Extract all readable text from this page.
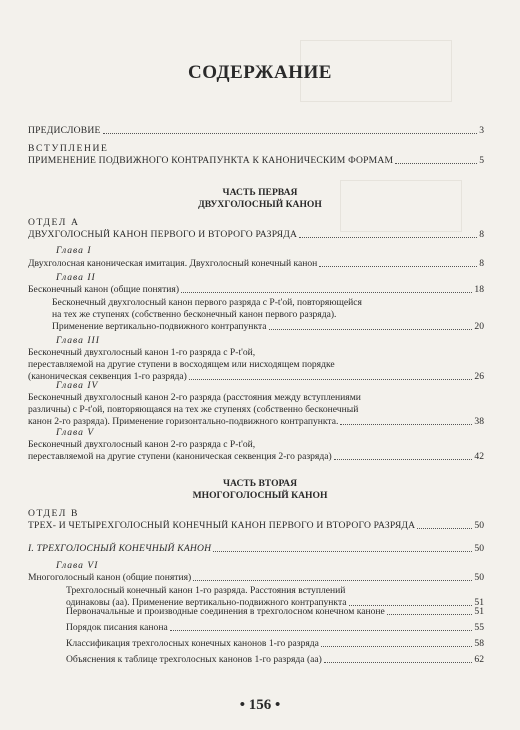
СОДЕРЖАНИЕ
ПРЕДИСЛОВИЕ	3
ВСТУПЛЕНИЕ
ПРИМЕНЕНИЕ ПОДВИЖНОГО КОНТРАПУНКТА К КАНОНИЧЕСКИМ ФОРМАМ	5
ЧАСТЬ ПЕРВАЯ
ДВУХГОЛОСНЫЙ КАНОН
ОТДЕЛ А
ДВУХГОЛОСНЫЙ КАНОН ПЕРВОГО И ВТОРОГО РАЗРЯДА	8
Глава I
Двухголосная каноническая имитация. Двухголосный конечный канон	8
Глава II
Бесконечный канон (общие понятия)	18
Бесконечный двухголосный канон первого разряда с Р-t'ой, повторяющейся
на тех же ступенях (собственно бесконечный канон первого разряда).
Применение вертикально-подвижного контрапункта	20
Глава III
Бесконечный двухголосный канон 1-го разряда с Р-t'ой,
переставляемой на другие ступени в восходящем или нисходящем порядке
(каноническая секвенция 1-го разряда)	26
Глава IV
Бесконечный двухголосный канон 2-го разряда (расстояния между вступлениями
различны) с Р-t'ой, повторяющаяся на тех же ступенях (собственно бесконечный
канон 2-го разряда). Применение горизонтально-подвижного контрапункта.	38
Глава V
Бесконечный двухголосный канон 2-го разряда с Р-t'ой,
переставляемой на другие ступени (каноническая секвенция 2-го разряда)	42
ЧАСТЬ ВТОРАЯ
МНОГОГОЛОСНЫЙ КАНОН
ОТДЕЛ В
ТРЕХ- И ЧЕТЫРЕХГОЛОСНЫЙ КОНЕЧНЫЙ КАНОН ПЕРВОГО И ВТОРОГО РАЗРЯДА	50
I. ТРЕХГОЛОСНЫЙ КОНЕЧНЫЙ КАНОН	50
Глава VI
Многоголосный канон (общие понятия)	50
Трехголосный конечный канон 1-го разряда. Расстояния вступлений
одинаковы (аа). Применение вертикально-подвижного контрапункта	51
Первоначальные и производные соединения в трехголосном конечном каноне	51
Порядок писания канона	55
Классификация трехголосных конечных канонов 1-го разряда	58
Объяснения к таблице трехголосных канонов 1-го разряда (аа)	62
• 156 •
